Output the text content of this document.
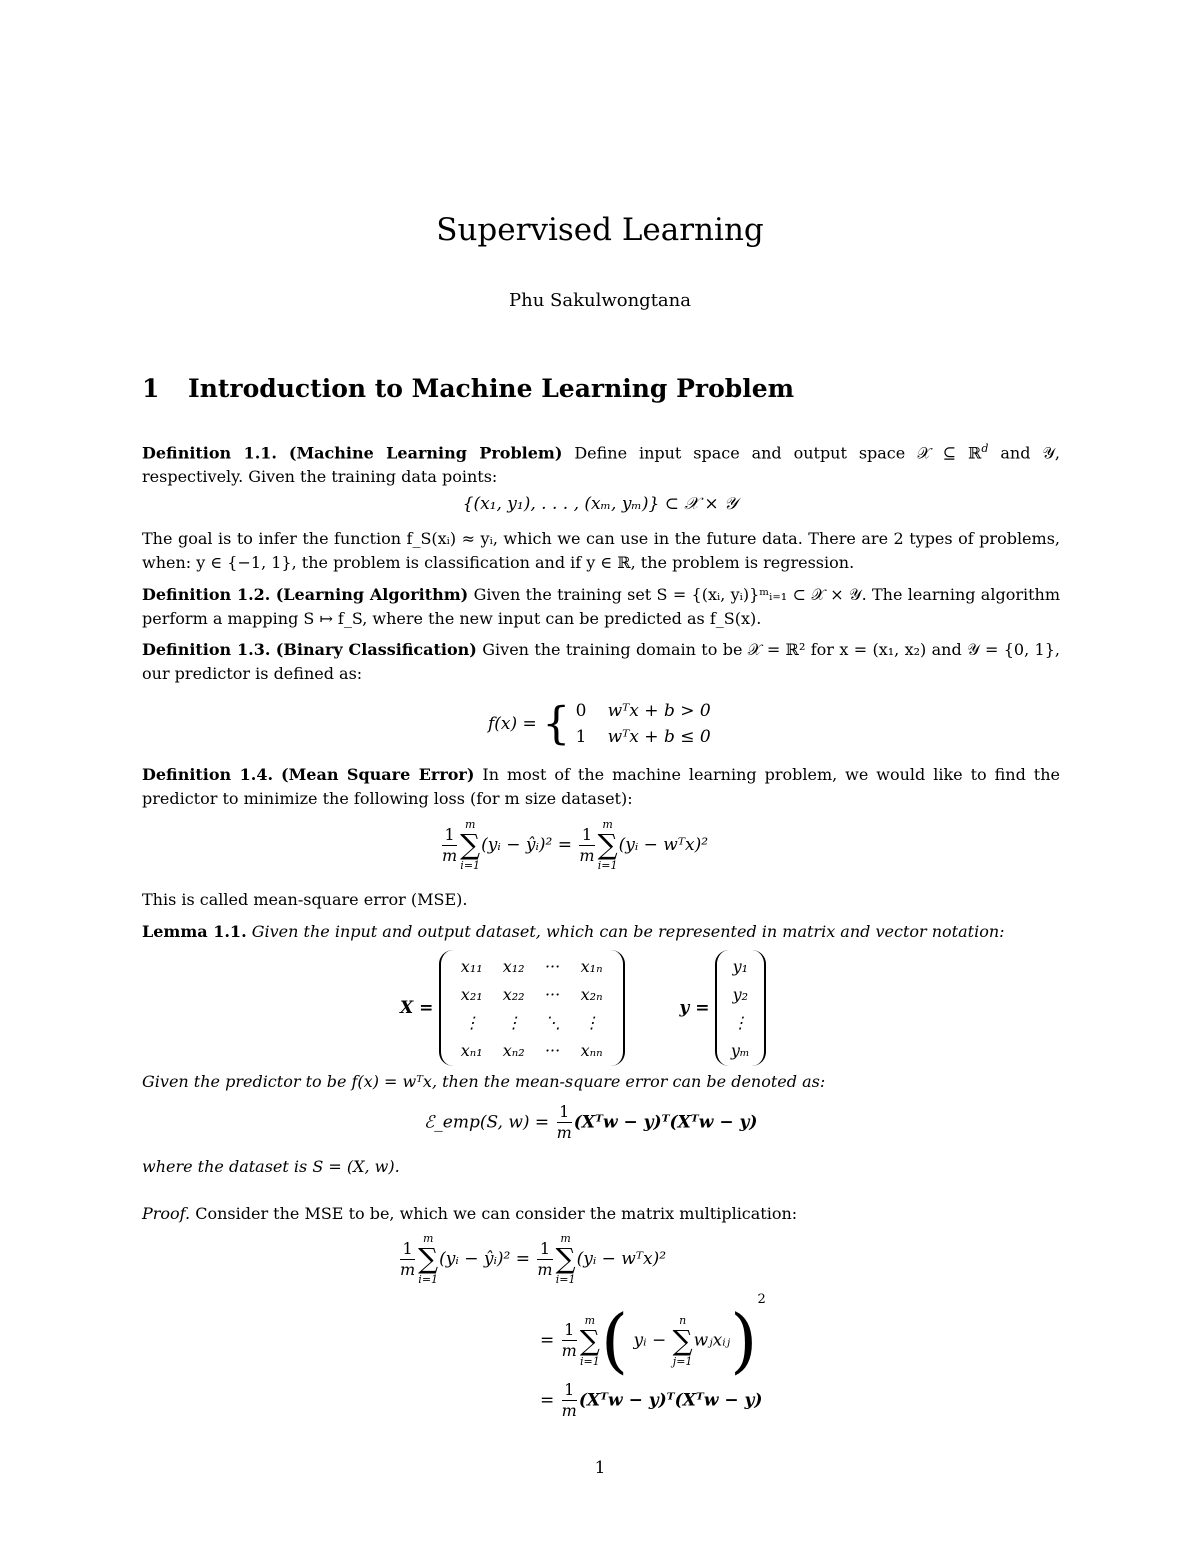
Supervised Learning
Phu Sakulwongtana
1 Introduction to Machine Learning Problem
Definition 1.1. (Machine Learning Problem) Define input space and output space 𝒳 ⊆ ℝ$^d$ and 𝒴, respectively. Given the training data points:
{(x₁, y₁), . . . , (xₘ, yₘ)} ⊂ 𝒳 × 𝒴
The goal is to infer the function f_S(xᵢ) ≈ yᵢ, which we can use in the future data. There are 2 types of problems, when: y ∈ {−1, 1}, the problem is classification and if y ∈ ℝ, the problem is regression.
Definition 1.2. (Learning Algorithm) Given the training set S = {(xᵢ, yᵢ)}ᵐᵢ₌₁ ⊂ 𝒳 × 𝒴. The learning algorithm perform a mapping S ↦ f_S, where the new input can be predicted as f_S(x).
Definition 1.3. (Binary Classification) Given the training domain to be 𝒳 = ℝ² for x = (x₁, x₂) and 𝒴 = {0, 1}, our predictor is defined as:
f(x) = { 0 wᵀx + b > 0
1 wᵀx + b ≤ 0
Definition 1.4. (Mean Square Error) In most of the machine learning problem, we would like to find the predictor to minimize the following loss (for m size dataset):
$\frac{1}{m}$ m
∑
i=1
(yᵢ − ŷᵢ)² = $\frac{1}{m}$ m
∑
i=1
(yᵢ − wᵀx)²
This is called mean-square error (MSE).
Lemma 1.1. Given the input and output dataset, which can be represented in matrix and vector notation:
X =
x₁₁	x₁₂	···	x₁ₙ
x₂₁	x₂₂	···	x₂ₙ
⋮	⋮	⋱	⋮
xₙ₁	xₙ₂	···	xₙₙ
y =
y₁
y₂
⋮
yₘ
Given the predictor to be f(x) = wᵀx, then the mean-square error can be denoted as:
ℰ_emp(S, $w) = \frac{1}{m}$ (Xᵀw − y)ᵀ(Xᵀw − y)
where the dataset is S = (X, w).
Proof. Consider the MSE to be, which we can consider the matrix multiplication:
$\frac{1}{m}$ m
∑
i=1
(yᵢ − ŷᵢ)² = $\frac{1}{m}$ m
∑
i=1
(yᵢ − wᵀx)²
= $\frac{1}{m}$ m
∑
i=1 ( yᵢ −
n
∑
j=1
wⱼxᵢⱼ)$^2$
= $\frac{1}{m}$ (Xᵀw − y)ᵀ(Xᵀw − y)
1
